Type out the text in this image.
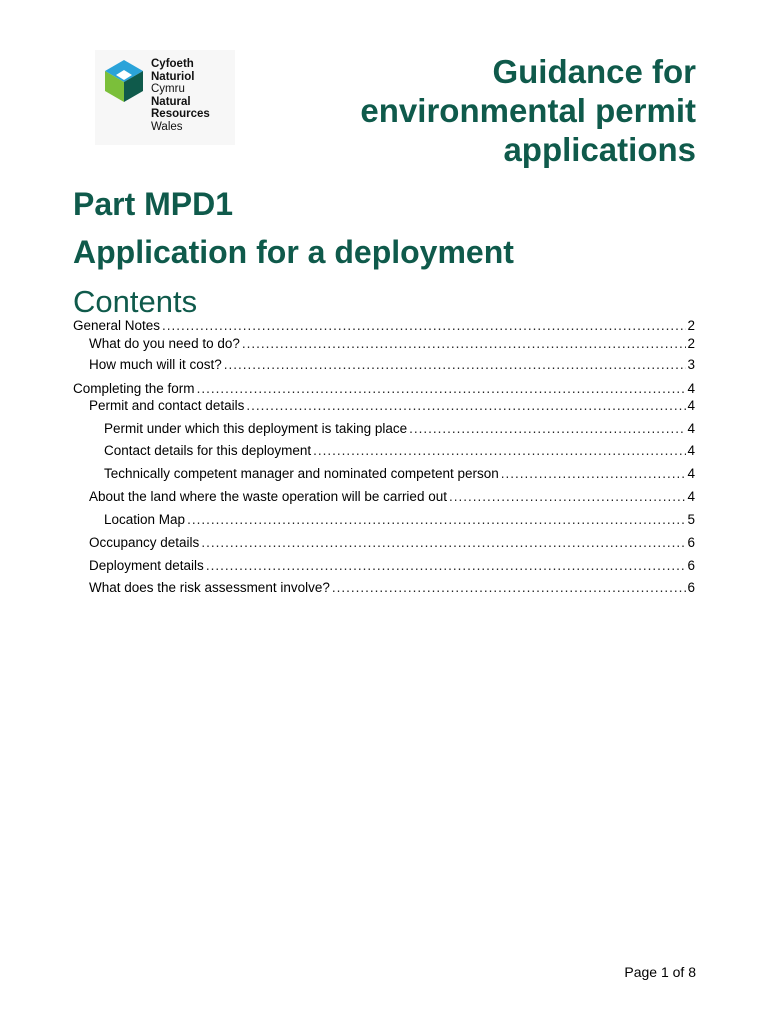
Cyfoeth
Naturiol
Cymru
Natural
Resources
Wales
Guidance for
environmental permit
applications
Part MPD1
Application for a deployment
Contents
General Notes .....	2
What do you need to do? .....	2
How much will it cost? .....	3
Completing the form .....	4
Permit and contact details .....	4
Permit under which this deployment is taking place .....	4
Contact details for this deployment .....	4
Technically competent manager and nominated competent person .....	4
About the land where the waste operation will be carried out .....	4
Location Map .....	5
Occupancy details .....	6
Deployment details .....	6
What does the risk assessment involve? .....	6
Page 1 of 8
